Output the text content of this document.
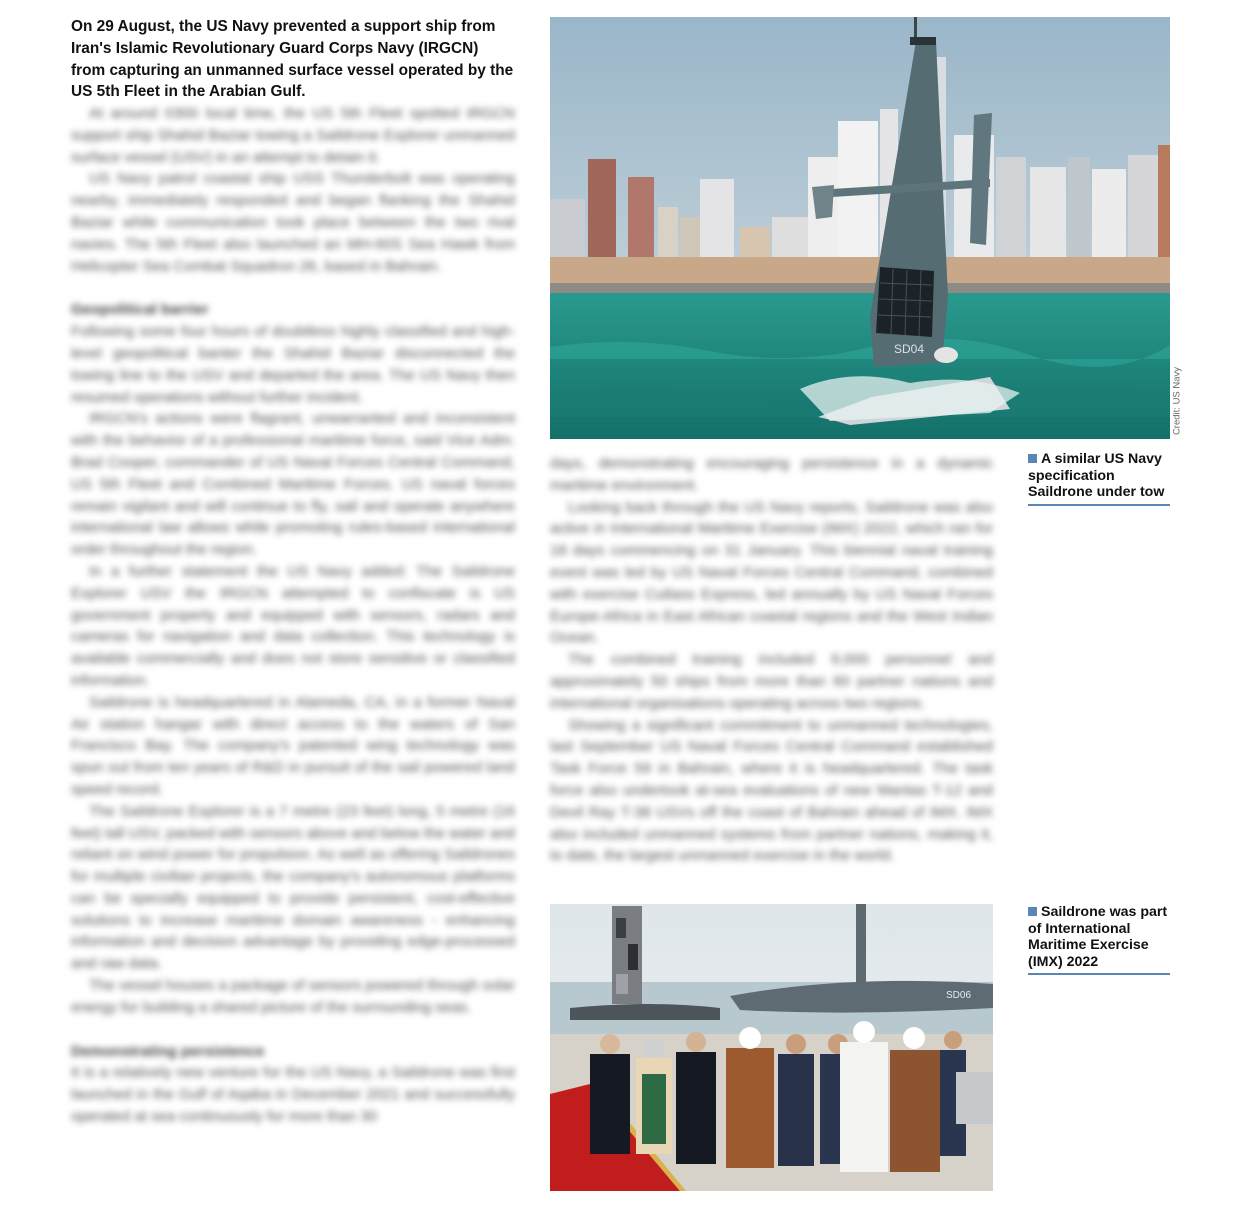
On 29 August, the US Navy prevented a support ship from Iran's Islamic Revolutionary Guard Corps Navy (IRGCN) from capturing an unmanned surface vessel operated by the US 5th Fleet in the Arabian Gulf.

At around 0300 local time, the US 5th Fleet spotted IRGCN support ship Shahid Baziar towing a Saildrone Explorer unmanned surface vessel (USV) in an attempt to detain it.

US Navy patrol coastal ship USS Thunderbolt was operating nearby, immediately responded and began flanking the Shahid Baziar while communication took place between the two rival navies. The 5th Fleet also launched an MH-60S Sea Hawk from Helicopter Sea Combat Squadron 26, based in Bahrain.

Geopolitical barrier

Following some four hours of doubtless highly classified and high-level geopolitical banter the Shahid Baziar disconnected the towing line to the USV and departed the area. The US Navy then resumed operations without further incident.

IRGCN's actions were flagrant, unwarranted and inconsistent with the behavior of a professional maritime force, said Vice Adm. Brad Cooper, commander of US Naval Forces Central Command, US 5th Fleet and Combined Maritime Forces. US naval forces remain vigilant and will continue to fly, sail and operate anywhere international law allows while promoting rules-based international order throughout the region.

In a further statement the US Navy added: The Saildrone Explorer USV the IRGCN attempted to confiscate is US government property and equipped with sensors, radars and cameras for navigation and data collection. This technology is available commercially and does not store sensitive or classified information.

Saildrone is headquartered in Alameda, CA, in a former Naval Air station hangar with direct access to the waters of San Francisco Bay. The company's patented wing technology was spun out from ten years of R&D in pursuit of the sail powered land speed record.

The Saildrone Explorer is a 7 metre (23 feet) long, 5 metre (16 feet) tall USV, packed with sensors above and below the water and reliant on wind power for propulsion. As well as offering Saildrones for multiple civilian projects, the company's autonomous platforms can be specially equipped to provide persistent, cost-effective solutions to increase maritime domain awareness - enhancing information and decision advantage by providing edge-processed and raw data.

The vessel houses a package of sensors powered through solar energy for building a shared picture of the surrounding seas.

Demonstrating persistence

It is a relatively new venture for the US Navy, a Saildrone was first launched in the Gulf of Aqaba in December 2021 and successfully operated at sea continuously for more than 30

days, demonstrating encouraging persistence in a dynamic maritime environment.

Looking back through the US Navy reports, Saildrone was also active in International Maritime Exercise (IMX) 2022, which ran for 18 days commencing on 31 January. This biennial naval training event was led by US Naval Forces Central Command, combined with exercise Cutlass Express, led annually by US Naval Forces Europe-Africa in East African coastal regions and the West Indian Ocean.

The combined training included 9,000 personnel and approximately 50 ships from more than 60 partner nations and international organisations operating across two regions.

Showing a significant commitment to unmanned technologies, last September US Naval Forces Central Command established Task Force 59 in Bahrain, where it is headquartered. The task force also undertook at-sea evaluations of new Mantas T-12 and Devil Ray T-38 USVs off the coast of Bahrain ahead of IMX. IMX also included unmanned systems from partner nations, making it, to date, the largest unmanned exercise in the world.

SD04
Credit: US Navy
A similar US Navy specification Saildrone under tow
SD06
Saildrone was part of International Maritime Exercise (IMX) 2022
